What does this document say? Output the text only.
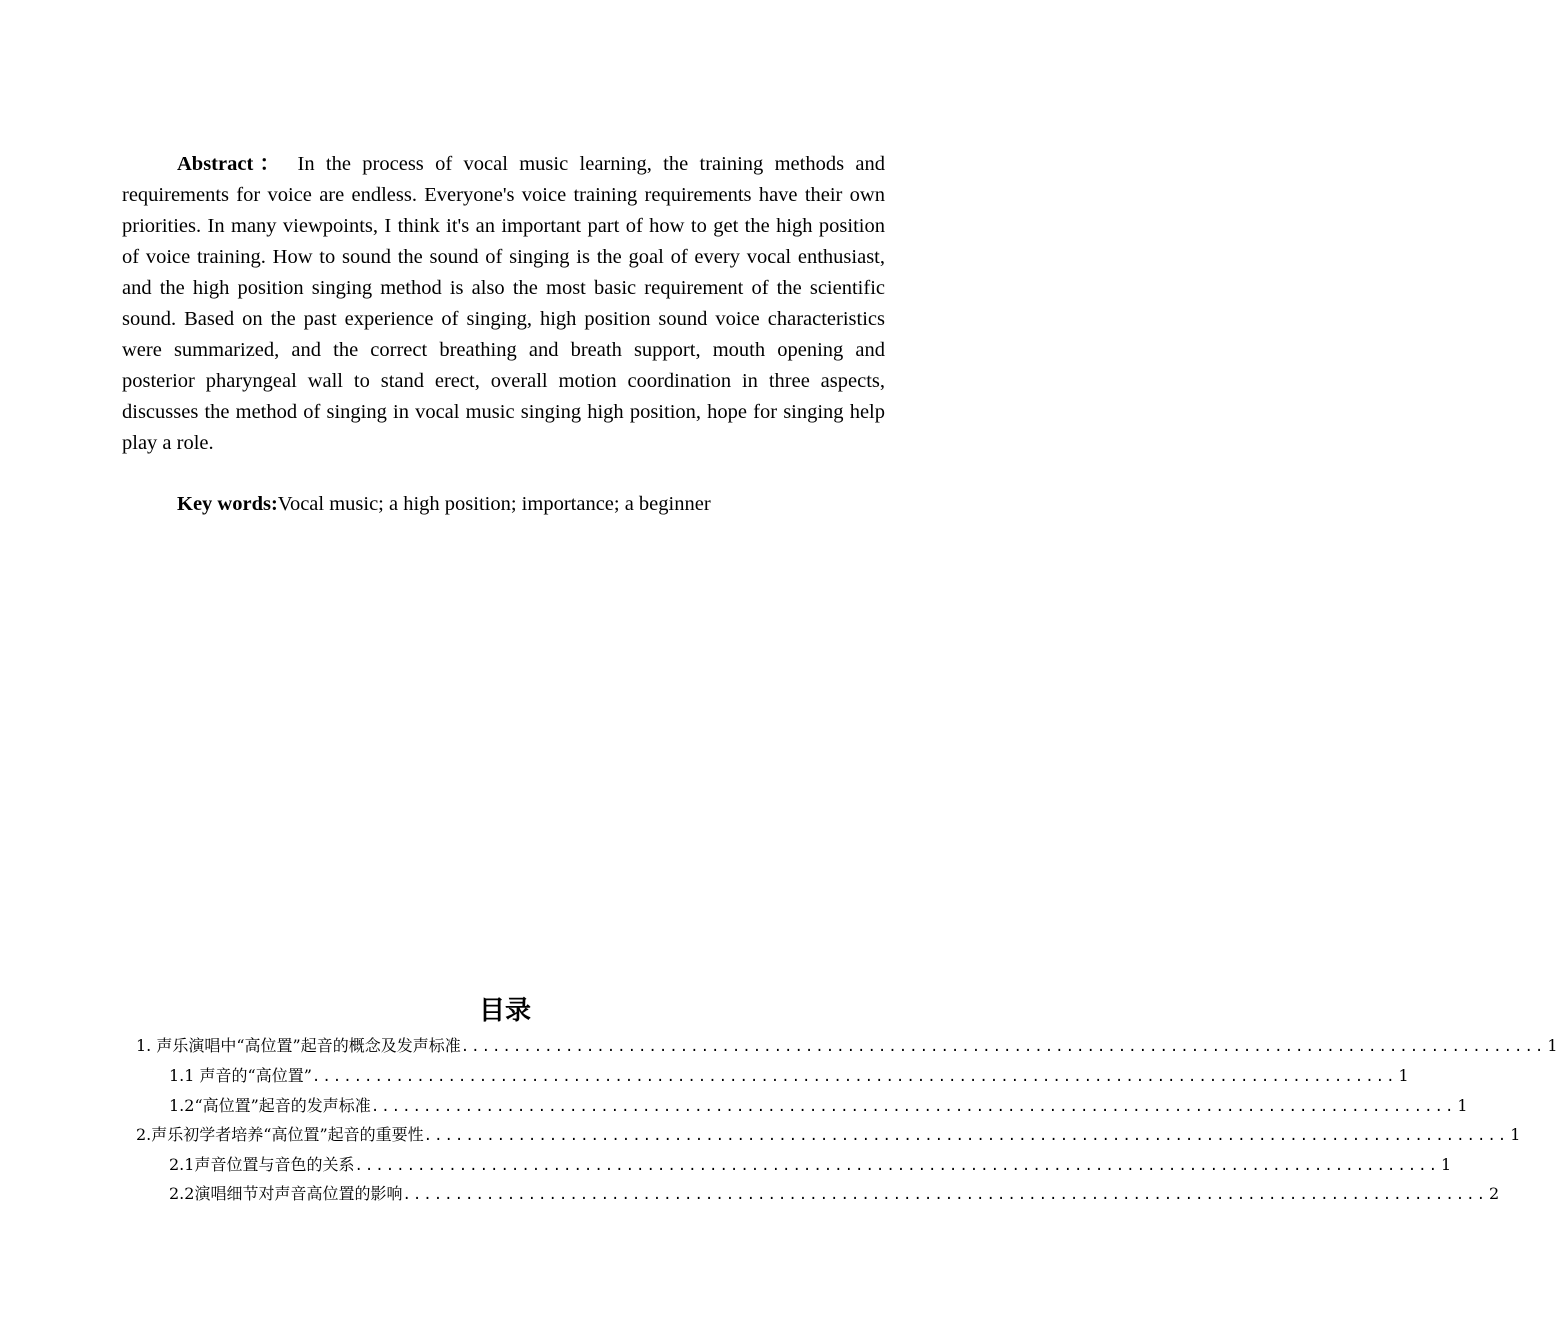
Abstract： In the process of vocal music learning, the training methods and requirements for voice are endless. Everyone's voice training requirements have their own priorities. In many viewpoints, I think it's an important part of how to get the high position of voice training. How to sound the sound of singing is the goal of every vocal enthusiast, and the high position singing method is also the most basic requirement of the scientific sound. Based on the past experience of singing, high position sound voice characteristics were summarized, and the correct breathing and breath support, mouth opening and posterior pharyngeal wall to stand erect, overall motion coordination in three aspects, discusses the method of singing in vocal music singing high position, hope for singing help play a role.
Key words:Vocal music; a high position; importance; a beginner
目录
1. 声乐演唱中“高位置”起音的概念及发声标准 ........................................................................................................ 1
1.1 声音的“高位置” ........................................................................................................ 1
1.2“高位置”起音的发声标准 ........................................................................................................ 1
2.声乐初学者培养“高位置”起音的重要性 ........................................................................................................ 1
2.1声音位置与音色的关系 ........................................................................................................ 1
2.2演唱细节对声音高位置的影响 ........................................................................................................ 2
